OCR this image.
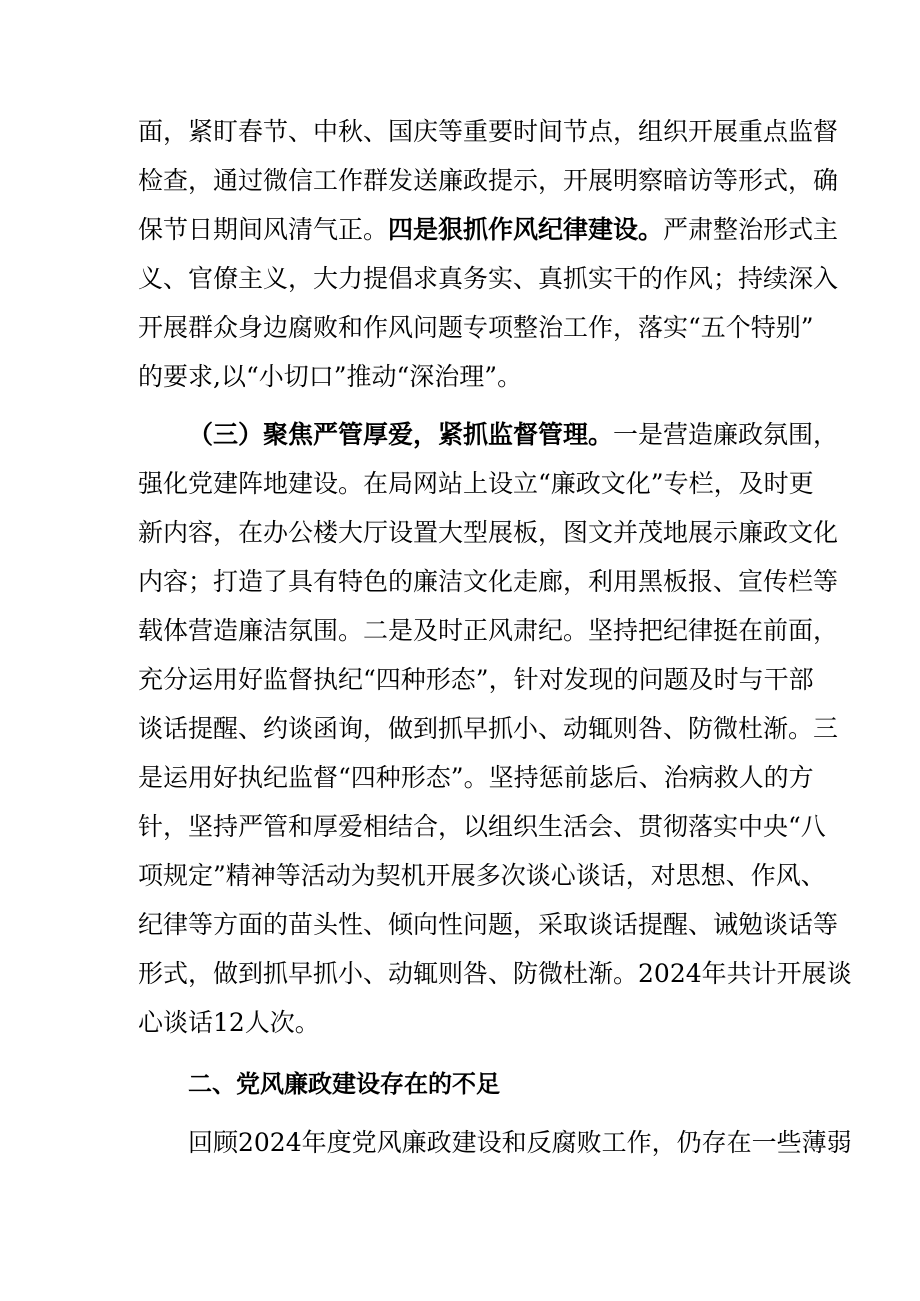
面，紧盯春节、中秋、国庆等重要时间节点，组织开展重点监督

检查，通过微信工作群发送廉政提示，开展明察暗访等形式，确

保节日期间风清气正。四是狠抓作风纪律建设。严肃整治形式主

义、官僚主义，大力提倡求真务实、真抓实干的作风；持续深入

开展群众身边腐败和作风问题专项整治工作，落实“五个特别”

的要求,以“小切口”推动“深治理”。

（三）聚焦严管厚爱，紧抓监督管理。一是营造廉政氛围，

强化党建阵地建设。在局网站上设立“廉政文化”专栏，及时更

新内容，在办公楼大厅设置大型展板，图文并茂地展示廉政文化

内容；打造了具有特色的廉洁文化走廊，利用黑板报、宣传栏等

载体营造廉洁氛围。二是及时正风肃纪。坚持把纪律挺在前面，

充分运用好监督执纪“四种形态”，针对发现的问题及时与干部

谈话提醒、约谈函询，做到抓早抓小、动辄则咎、防微杜渐。三

是运用好执纪监督“四种形态”。坚持惩前毖后、治病救人的方

针，坚持严管和厚爱相结合，以组织生活会、贯彻落实中央“八

项规定”精神等活动为契机开展多次谈心谈话，对思想、作风、

纪律等方面的苗头性、倾向性问题，采取谈话提醒、诫勉谈话等

形式，做到抓早抓小、动辄则咎、防微杜渐。2024年共计开展谈

心谈话12人次。

二、党风廉政建设存在的不足

回顾2024年度党风廉政建设和反腐败工作，仍存在一些薄弱
